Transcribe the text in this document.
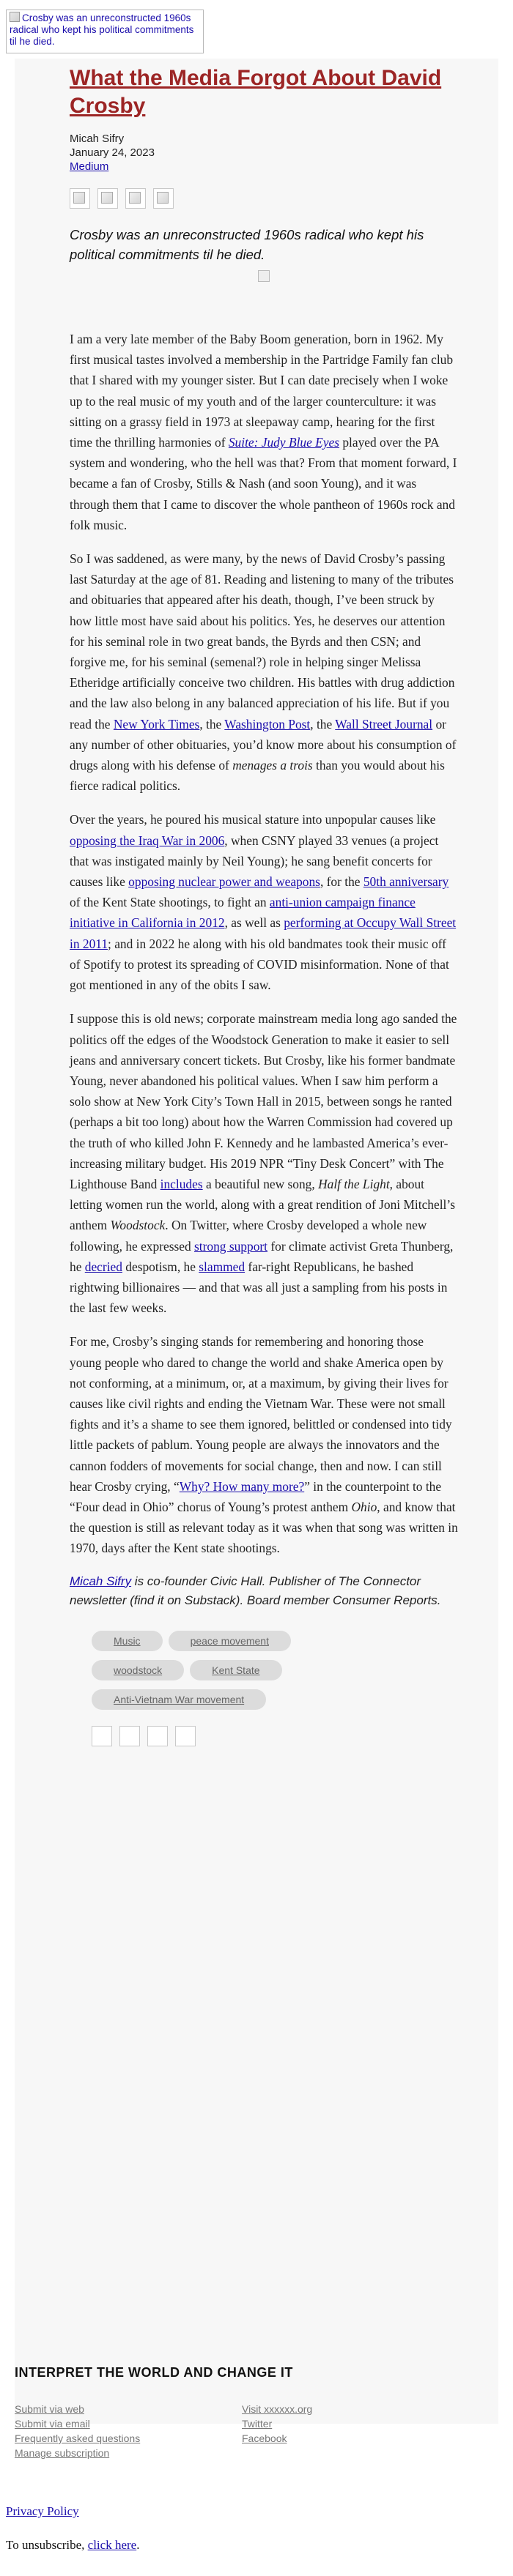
Crosby was an unreconstructed 1960s radical who kept his political commitments til he died.
What the Media Forgot About David Crosby
Micah Sifry
January 24, 2023
Medium
Crosby was an unreconstructed 1960s radical who kept his political commitments til he died.

I am a very late member of the Baby Boom generation, born in 1962. My first musical tastes involved a membership in the Partridge Family fan club that I shared with my younger sister. But I can date precisely when I woke up to the real music of my youth and of the larger counterculture: it was sitting on a grassy field in 1973 at sleepaway camp, hearing for the first time the thrilling harmonies of Suite: Judy Blue Eyes played over the PA system and wondering, who the hell was that? From that moment forward, I became a fan of Crosby, Stills & Nash (and soon Young), and it was through them that I came to discover the whole pantheon of 1960s rock and folk music.

So I was saddened, as were many, by the news of David Crosby’s passing last Saturday at the age of 81. Reading and listening to many of the tributes and obituaries that appeared after his death, though, I’ve been struck by how little most have said about his politics. Yes, he deserves our attention for his seminal role in two great bands, the Byrds and then CSN; and forgive me, for his seminal (semenal?) role in helping singer Melissa Etheridge artificially conceive two children. His battles with drug addiction and the law also belong in any balanced appreciation of his life. But if you read the New York Times, the Washington Post, the Wall Street Journal or any number of other obituaries, you’d know more about his consumption of drugs along with his defense of menages a trois than you would about his fierce radical politics.

Over the years, he poured his musical stature into unpopular causes like opposing the Iraq War in 2006, when CSNY played 33 venues (a project that was instigated mainly by Neil Young); he sang benefit concerts for causes like opposing nuclear power and weapons, for the 50th anniversary of the Kent State shootings, to fight an anti-union campaign finance initiative in California in 2012, as well as performing at Occupy Wall Street in 2011; and in 2022 he along with his old bandmates took their music off of Spotify to protest its spreading of COVID misinformation. None of that got mentioned in any of the obits I saw.

I suppose this is old news; corporate mainstream media long ago sanded the politics off the edges of the Woodstock Generation to make it easier to sell jeans and anniversary concert tickets. But Crosby, like his former bandmate Young, never abandoned his political values. When I saw him perform a solo show at New York City’s Town Hall in 2015, between songs he ranted (perhaps a bit too long) about how the Warren Commission had covered up the truth of who killed John F. Kennedy and he lambasted America’s ever-increasing military budget. His 2019 NPR “Tiny Desk Concert” with The Lighthouse Band includes a beautiful new song, Half the Light, about letting women run the world, along with a great rendition of Joni Mitchell’s anthem Woodstock. On Twitter, where Crosby developed a whole new following, he expressed strong support for climate activist Greta Thunberg, he decried despotism, he slammed far-right Republicans, he bashed rightwing billionaires — and that was all just a sampling from his posts in the last few weeks.

For me, Crosby’s singing stands for remembering and honoring those young people who dared to change the world and shake America open by not conforming, at a minimum, or, at a maximum, by giving their lives for causes like civil rights and ending the Vietnam War. These were not small fights and it’s a shame to see them ignored, belittled or condensed into tidy little packets of pablum. Young people are always the innovators and the cannon fodders of movements for social change, then and now. I can still hear Crosby crying, “Why? How many more?” in the counterpoint to the “Four dead in Ohio” chorus of Young’s protest anthem Ohio, and know that the question is still as relevant today as it was when that song was written in 1970, days after the Kent state shootings.

Micah Sifry is co-founder Civic Hall. Publisher of The Connector newsletter (find it on Substack). Board member Consumer Reports.
Music	peace movement
woodstock	Kent State
Anti-Vietnam War movement
INTERPRET THE WORLD AND CHANGE IT
Submit via web
Submit via email
Frequently asked questions
Manage subscription
Visit xxxxxx.org
Twitter
Facebook
Privacy Policy
To unsubscribe, click here.
